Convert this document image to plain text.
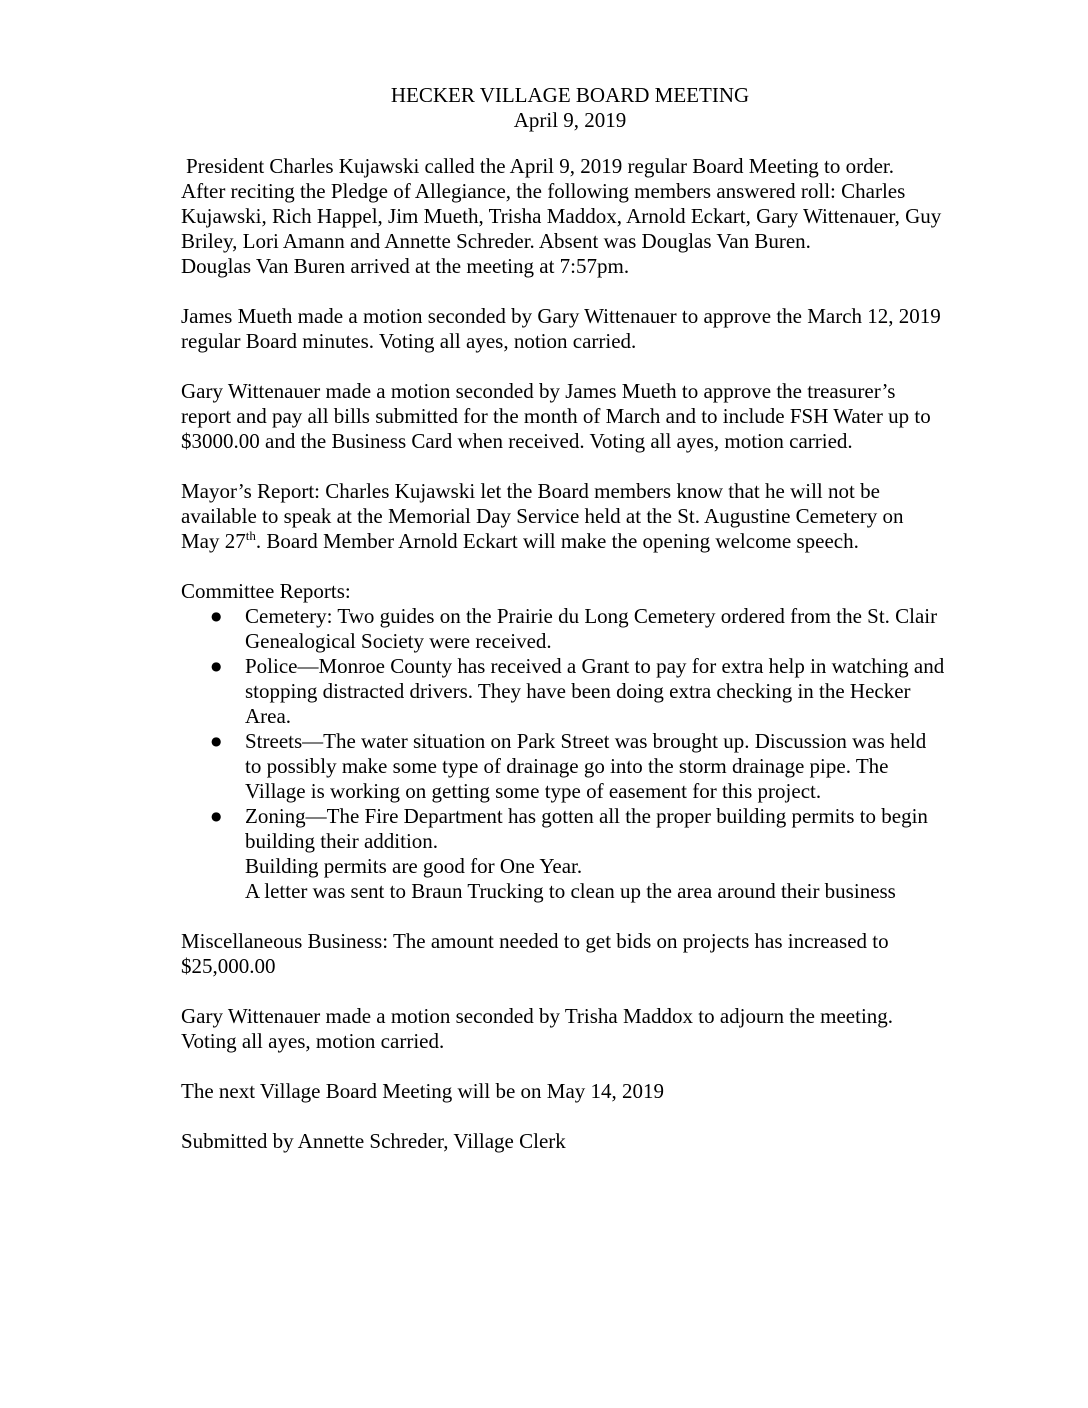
HECKER VILLAGE BOARD MEETING
April 9, 2019
President Charles Kujawski called the April 9, 2019 regular Board Meeting to order.
After reciting the Pledge of Allegiance, the following members answered roll: Charles
Kujawski, Rich Happel, Jim Mueth, Trisha Maddox, Arnold Eckart, Gary Wittenauer, Guy
Briley, Lori Amann and Annette Schreder. Absent was Douglas Van Buren.
Douglas Van Buren arrived at the meeting at 7:57pm.
James Mueth made a motion seconded by Gary Wittenauer to approve the March 12, 2019
regular Board minutes. Voting all ayes, notion carried.
Gary Wittenauer made a motion seconded by James Mueth to approve the treasurer’s
report and pay all bills submitted for the month of March and to include FSH Water up to
$3000.00 and the Business Card when received. Voting all ayes, motion carried.
Mayor’s Report: Charles Kujawski let the Board members know that he will not be
available to speak at the Memorial Day Service held at the St. Augustine Cemetery on
May 27th. Board Member Arnold Eckart will make the opening welcome speech.
Committee Reports:
● Cemetery: Two guides on the Prairie du Long Cemetery ordered from the St. Clair
Genealogical Society were received.
● Police—Monroe County has received a Grant to pay for extra help in watching and
stopping distracted drivers. They have been doing extra checking in the Hecker
Area.
● Streets—The water situation on Park Street was brought up. Discussion was held
to possibly make some type of drainage go into the storm drainage pipe. The
Village is working on getting some type of easement for this project.
● Zoning—The Fire Department has gotten all the proper building permits to begin
building their addition.
Building permits are good for One Year.
A letter was sent to Braun Trucking to clean up the area around their business
Miscellaneous Business: The amount needed to get bids on projects has increased to
$25,000.00
Gary Wittenauer made a motion seconded by Trisha Maddox to adjourn the meeting.
Voting all ayes, motion carried.
The next Village Board Meeting will be on May 14, 2019
Submitted by Annette Schreder, Village Clerk
